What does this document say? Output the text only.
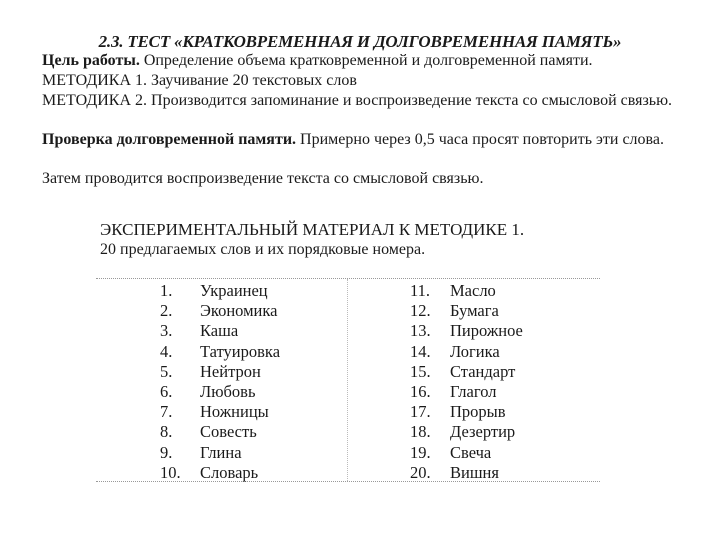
2.3. ТЕСТ «КРАТКОВРЕМЕННАЯ И ДОЛГОВРЕМЕННАЯ ПАМЯТЬ»

Цель работы. Определение объема кратковременной и долговременной памяти.

МЕТОДИКА 1. Заучивание 20 текстовых слов

МЕТОДИКА 2. Производится запоминание и воспроизведение текста со смысловой связью.

Проверка долговременной памяти. Примерно через 0,5 часа просят повторить эти слова.

Затем проводится воспроизведение текста со смысловой связью.

ЭКСПЕРИМЕНТАЛЬНЫЙ МАТЕРИАЛ К МЕТОДИКЕ 1.

20 предлагаемых слов и их порядковые номера.

1.	Украинец
2.	Экономика
3.	Каша
4.	Татуировка
5.	Нейтрон
6.	Любовь
7.	Ножницы
8.	Совесть
9.	Глина
10.	Словарь
11.	Масло
12.	Бумага
13.	Пирожное
14.	Логика
15.	Стандарт
16.	Глагол
17.	Прорыв
18.	Дезертир
19.	Свеча
20.	Вишня
